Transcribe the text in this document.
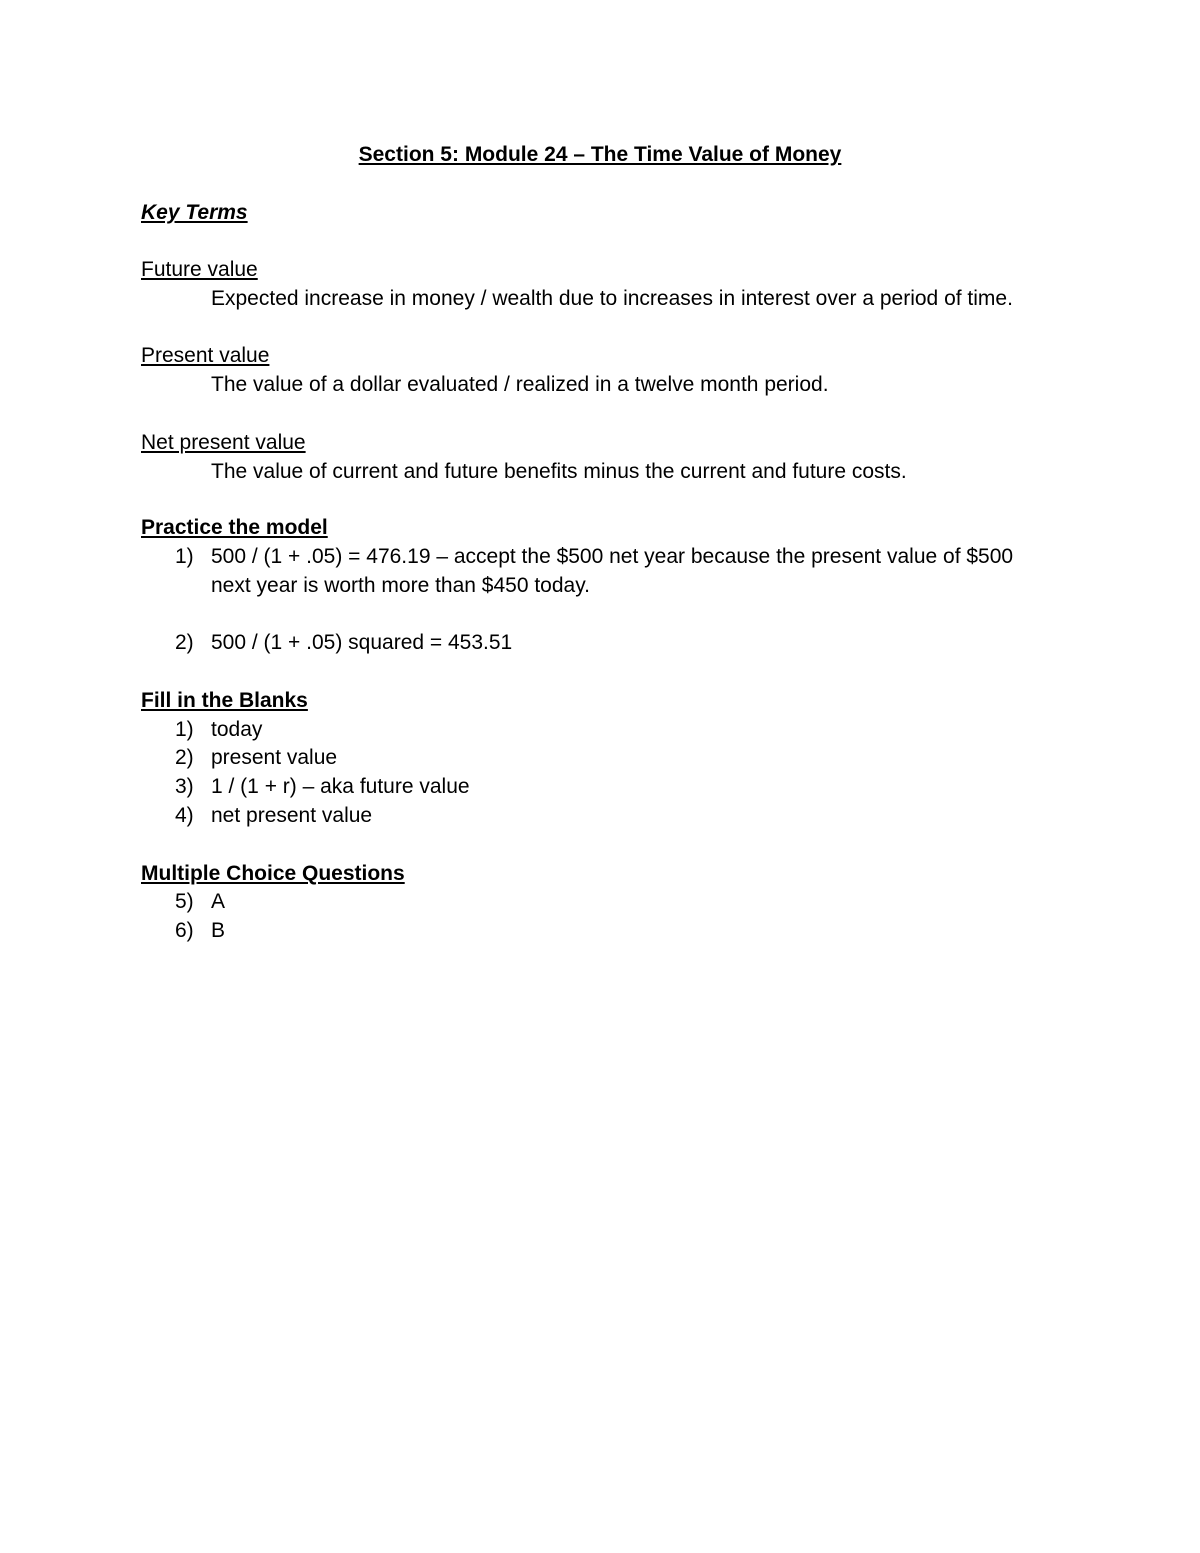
Section 5: Module 24 – The Time Value of Money
Key Terms
Future value
Expected increase in money / wealth due to increases in interest over a period of time.
Present value
The value of a dollar evaluated / realized in a twelve month period.
Net present value
The value of current and future benefits minus the current and future costs.
Practice the model
1) 500 / (1 + .05) = 476.19 – accept the $500 net year because the present value of $500
next year is worth more than $450 today.
2) 500 / (1 + .05) squared = 453.51
Fill in the Blanks
1) today
2) present value
3) 1 / (1 + r) – aka future value
4) net present value
Multiple Choice Questions
5) A
6) B
